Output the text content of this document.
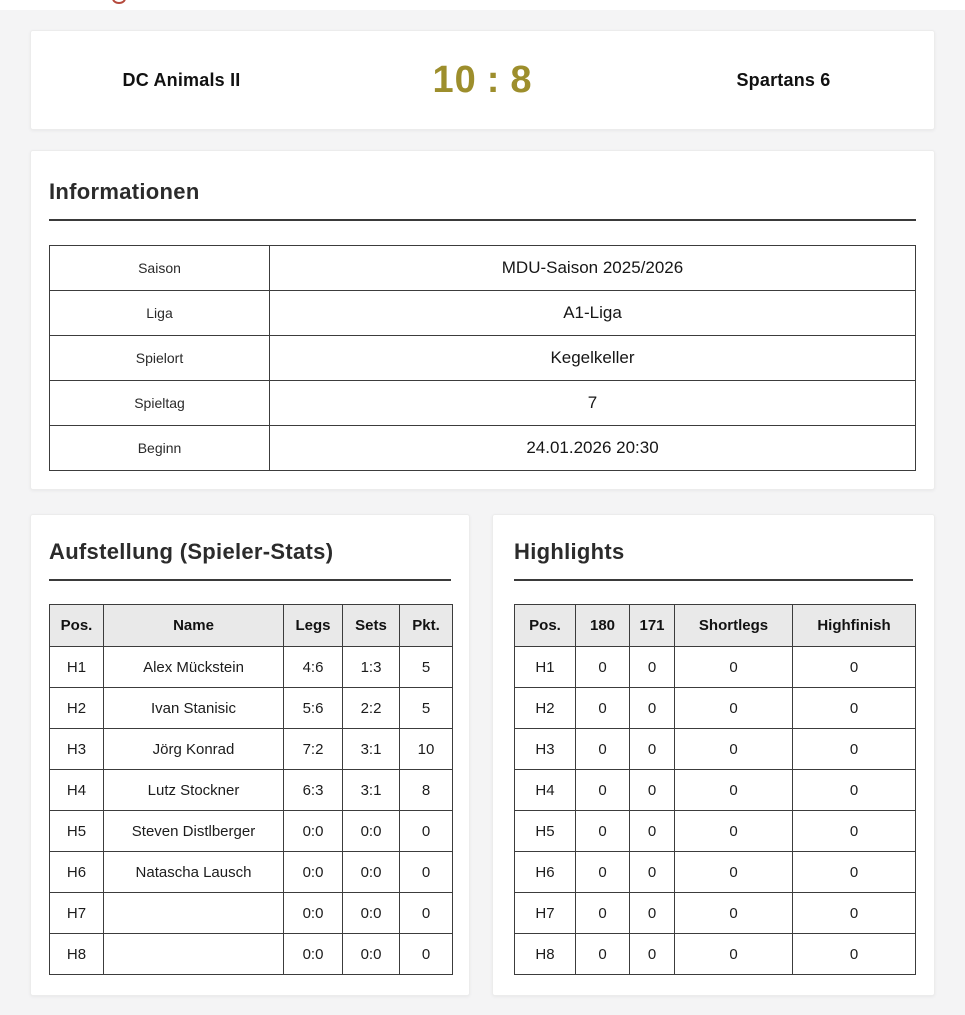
DC Animals II	10 : 8	Spartans 6
Informationen
Saison	MDU-Saison 2025/2026
Liga	A1-Liga
Spielort	Kegelkeller
Spieltag	7
Beginn	24.01.2026 20:30
Aufstellung (Spieler-Stats)
Pos.	Name	Legs	Sets	Pkt.
H1	Alex Mückstein	4:6	1:3	5
H2	Ivan Stanisic	5:6	2:2	5
H3	Jörg Konrad	7:2	3:1	10
H4	Lutz Stockner	6:3	3:1	8
H5	Steven Distlberger	0:0	0:0	0
H6	Natascha Lausch	0:0	0:0	0
H7		0:0	0:0	0
H8		0:0	0:0	0
Highlights
Pos.	180	171	Shortlegs	Highfinish
H1	0	0	0	0
H2	0	0	0	0
H3	0	0	0	0
H4	0	0	0	0
H5	0	0	0	0
H6	0	0	0	0
H7	0	0	0	0
H8	0	0	0	0
